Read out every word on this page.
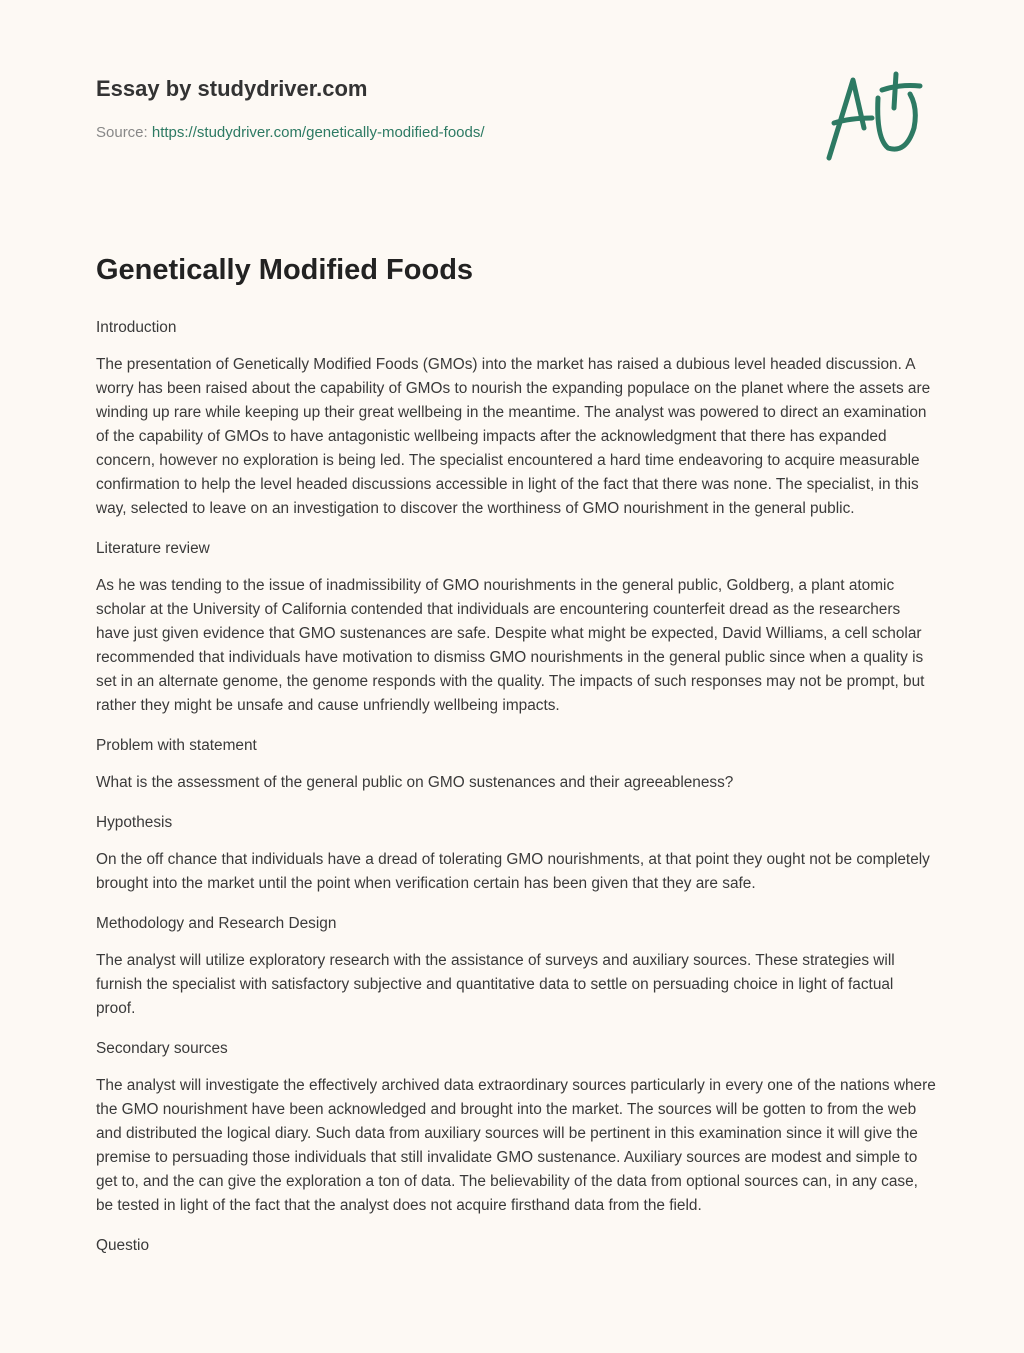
Essay by studydriver.com
Source: https://studydriver.com/genetically-modified-foods/
Genetically Modified Foods

Introduction

The presentation of Genetically Modified Foods (GMOs) into the market has raised a dubious level headed discussion. A worry has been raised about the capability of GMOs to nourish the expanding populace on the planet where the assets are winding up rare while keeping up their great wellbeing in the meantime. The analyst was powered to direct an examination of the capability of GMOs to have antagonistic wellbeing impacts after the acknowledgment that there has expanded concern, however no exploration is being led. The specialist encountered a hard time endeavoring to acquire measurable confirmation to help the level headed discussions accessible in light of the fact that there was none. The specialist, in this way, selected to leave on an investigation to discover the worthiness of GMO nourishment in the general public.

Literature review

As he was tending to the issue of inadmissibility of GMO nourishments in the general public, Goldberg, a plant atomic scholar at the University of California contended that individuals are encountering counterfeit dread as the researchers have just given evidence that GMO sustenances are safe. Despite what might be expected, David Williams, a cell scholar recommended that individuals have motivation to dismiss GMO nourishments in the general public since when a quality is set in an alternate genome, the genome responds with the quality. The impacts of such responses may not be prompt, but rather they might be unsafe and cause unfriendly wellbeing impacts.

Problem with statement

What is the assessment of the general public on GMO sustenances and their agreeableness?

Hypothesis

On the off chance that individuals have a dread of tolerating GMO nourishments, at that point they ought not be completely brought into the market until the point when verification certain has been given that they are safe.

Methodology and Research Design

The analyst will utilize exploratory research with the assistance of surveys and auxiliary sources. These strategies will furnish the specialist with satisfactory subjective and quantitative data to settle on persuading choice in light of factual proof.

Secondary sources

The analyst will investigate the effectively archived data extraordinary sources particularly in every one of the nations where the GMO nourishment have been acknowledged and brought into the market. The sources will be gotten to from the web and distributed the logical diary. Such data from auxiliary sources will be pertinent in this examination since it will give the premise to persuading those individuals that still invalidate GMO sustenance. Auxiliary sources are modest and simple to get to, and the can give the exploration a ton of data. The believability of the data from optional sources can, in any case, be tested in light of the fact that the analyst does not acquire firsthand data from the field.

Questio
